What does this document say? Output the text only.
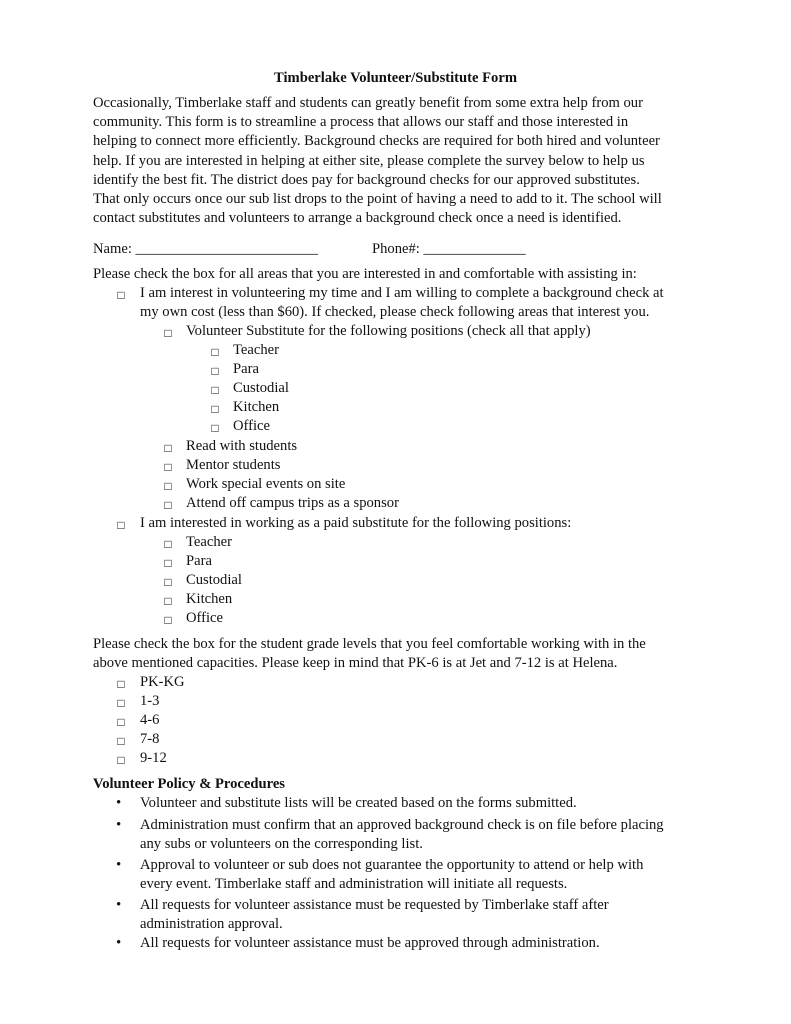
Timberlake Volunteer/Substitute Form
Occasionally, Timberlake staff and students can greatly benefit from some extra help from our
community. This form is to streamline a process that allows our staff and those interested in
helping to connect more efficiently. Background checks are required for both hired and volunteer
help. If you are interested in helping at either site, please complete the survey below to help us
identify the best fit. The district does pay for background checks for our approved substitutes.
That only occurs once our sub list drops to the point of having a need to add to it. The school will
contact substitutes and volunteers to arrange a background check once a need is identified.
Name: _________________________	Phone#: ______________
Please check the box for all areas that you are interested in and comfortable with assisting in:
□
I am interest in volunteering my time and I am willing to complete a background check at
my own cost (less than $60). If checked, please check following areas that interest you.
□
Volunteer Substitute for the following positions (check all that apply)
□
Teacher
□
Para
□
Custodial
□
Kitchen
□
Office
□
Read with students
□
Mentor students
□
Work special events on site
□
Attend off campus trips as a sponsor
□
I am interested in working as a paid substitute for the following positions:
□
Teacher
□
Para
□
Custodial
□
Kitchen
□
Office
Please check the box for the student grade levels that you feel comfortable working with in the
above mentioned capacities. Please keep in mind that PK-6 is at Jet and 7-12 is at Helena.
□
PK-KG
□
1-3
□
4-6
□
7-8
□
9-12
Volunteer Policy & Procedures
•
Volunteer and substitute lists will be created based on the forms submitted.
•
Administration must confirm that an approved background check is on file before placing
any subs or volunteers on the corresponding list.
•
Approval to volunteer or sub does not guarantee the opportunity to attend or help with
every event. Timberlake staff and administration will initiate all requests.
•
All requests for volunteer assistance must be requested by Timberlake staff after
administration approval.
•
All requests for volunteer assistance must be approved through administration.
